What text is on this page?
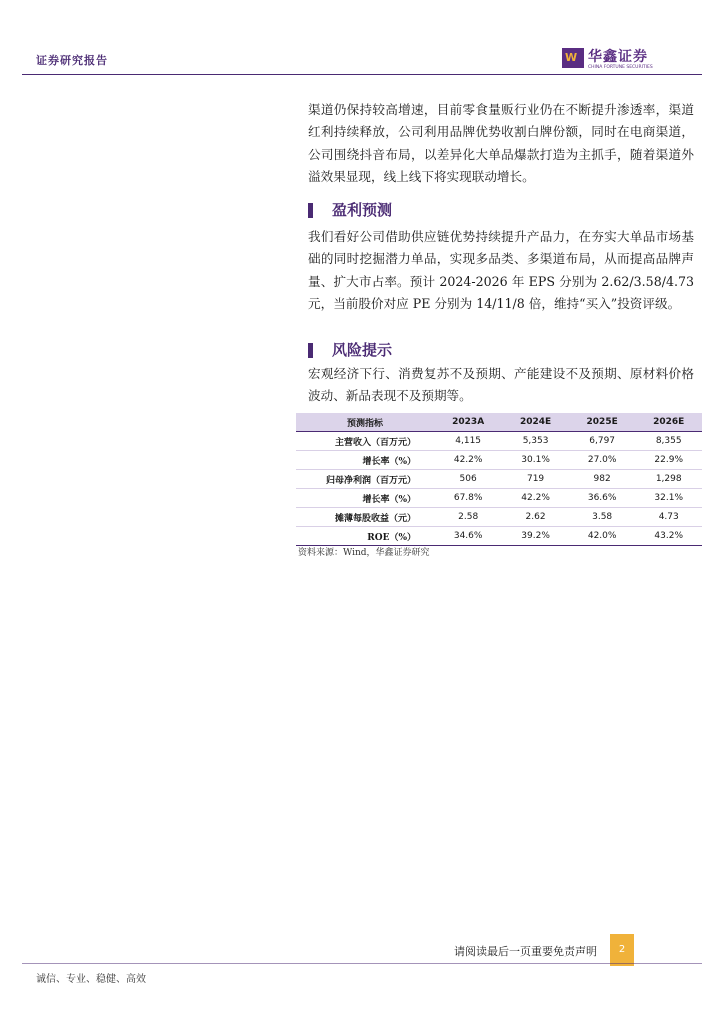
证券研究报告	W 华鑫证券
CHINA FORTUNE SECURITIES
渠道仍保持较高增速，目前零食量贩行业仍在不断提升渗透率，渠道红利持续释放，公司利用品牌优势收割白牌份额，同时在电商渠道，公司围绕抖音布局，以差异化大单品爆款打造为主抓手，随着渠道外溢效果显现，线上线下将实现联动增长。
盈利预测
我们看好公司借助供应链优势持续提升产品力，在夯实大单品市场基础的同时挖掘潜力单品，实现多品类、多渠道布局，从而提高品牌声量、扩大市占率。预计 2024-2026 年 EPS 分别为 2.62/3.58/4.73 元，当前股价对应 PE 分别为 14/11/8 倍，维持“买入”投资评级。
风险提示
宏观经济下行、消费复苏不及预期、产能建设不及预期、原材料价格波动、新品表现不及预期等。
预测指标	2023A	2024E	2025E	2026E
主营收入（百万元）	4,115	5,353	6,797	8,355
增长率（%）	42.2%	30.1%	27.0%	22.9%
归母净利润（百万元）	506	719	982	1,298
增长率（%）	67.8%	42.2%	36.6%	32.1%
摊薄每股收益（元）	2.58	2.62	3.58	4.73
ROE（%）	34.6%	39.2%	42.0%	43.2%
资料来源：Wind，华鑫证券研究
请阅读最后一页重要免责声明	2
诚信、专业、稳健、高效
